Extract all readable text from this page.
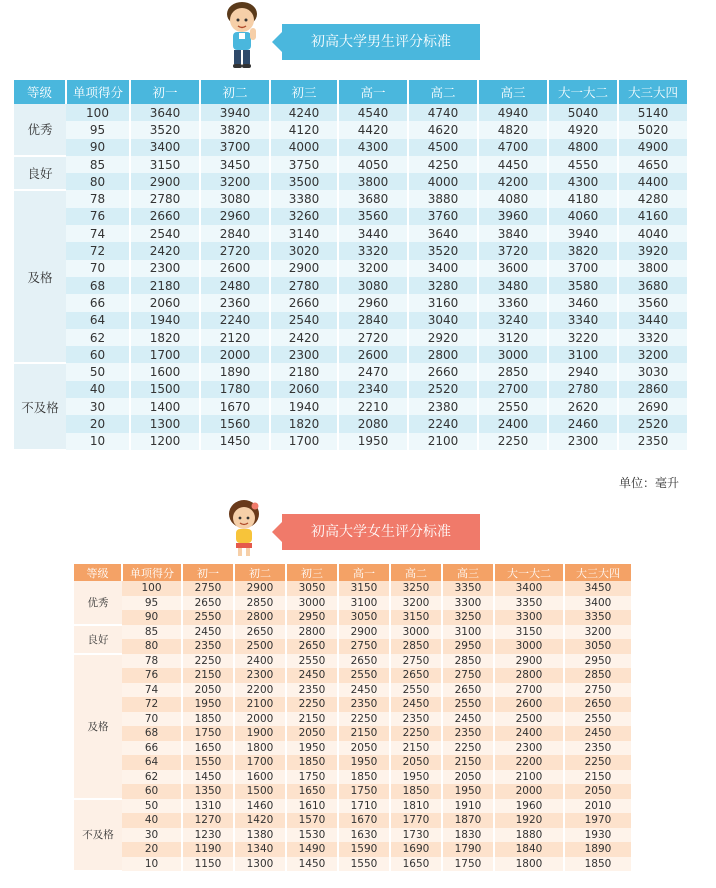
初高大学男生评分标准
等级	单项得分	初一	初二	初三	高一	高二	高三	大一大二	大三大四
优秀	100	3640	3940	4240	4540	4740	4940	5040	5140
	95	3520	3820	4120	4420	4620	4820	4920	5020
	90	3400	3700	4000	4300	4500	4700	4800	4900
良好	85	3150	3450	3750	4050	4250	4450	4550	4650
	80	2900	3200	3500	3800	4000	4200	4300	4400
及格	78	2780	3080	3380	3680	3880	4080	4180	4280
	76	2660	2960	3260	3560	3760	3960	4060	4160
	74	2540	2840	3140	3440	3640	3840	3940	4040
	72	2420	2720	3020	3320	3520	3720	3820	3920
	70	2300	2600	2900	3200	3400	3600	3700	3800
	68	2180	2480	2780	3080	3280	3480	3580	3680
	66	2060	2360	2660	2960	3160	3360	3460	3560
	64	1940	2240	2540	2840	3040	3240	3340	3440
	62	1820	2120	2420	2720	2920	3120	3220	3320
	60	1700	2000	2300	2600	2800	3000	3100	3200
不及格	50	1600	1890	2180	2470	2660	2850	2940	3030
	40	1500	1780	2060	2340	2520	2700	2780	2860
	30	1400	1670	1940	2210	2380	2550	2620	2690
	20	1300	1560	1820	2080	2240	2400	2460	2520
	10	1200	1450	1700	1950	2100	2250	2300	2350
单位：毫升
初高大学女生评分标准
等级	单项得分	初一	初二	初三	高一	高二	高三	大一大二	大三大四
优秀	100	2750	2900	3050	3150	3250	3350	3400	3450
	95	2650	2850	3000	3100	3200	3300	3350	3400
	90	2550	2800	2950	3050	3150	3250	3300	3350
良好	85	2450	2650	2800	2900	3000	3100	3150	3200
	80	2350	2500	2650	2750	2850	2950	3000	3050
及格	78	2250	2400	2550	2650	2750	2850	2900	2950
	76	2150	2300	2450	2550	2650	2750	2800	2850
	74	2050	2200	2350	2450	2550	2650	2700	2750
	72	1950	2100	2250	2350	2450	2550	2600	2650
	70	1850	2000	2150	2250	2350	2450	2500	2550
	68	1750	1900	2050	2150	2250	2350	2400	2450
	66	1650	1800	1950	2050	2150	2250	2300	2350
	64	1550	1700	1850	1950	2050	2150	2200	2250
	62	1450	1600	1750	1850	1950	2050	2100	2150
	60	1350	1500	1650	1750	1850	1950	2000	2050
不及格	50	1310	1460	1610	1710	1810	1910	1960	2010
	40	1270	1420	1570	1670	1770	1870	1920	1970
	30	1230	1380	1530	1630	1730	1830	1880	1930
	20	1190	1340	1490	1590	1690	1790	1840	1890
	10	1150	1300	1450	1550	1650	1750	1800	1850
